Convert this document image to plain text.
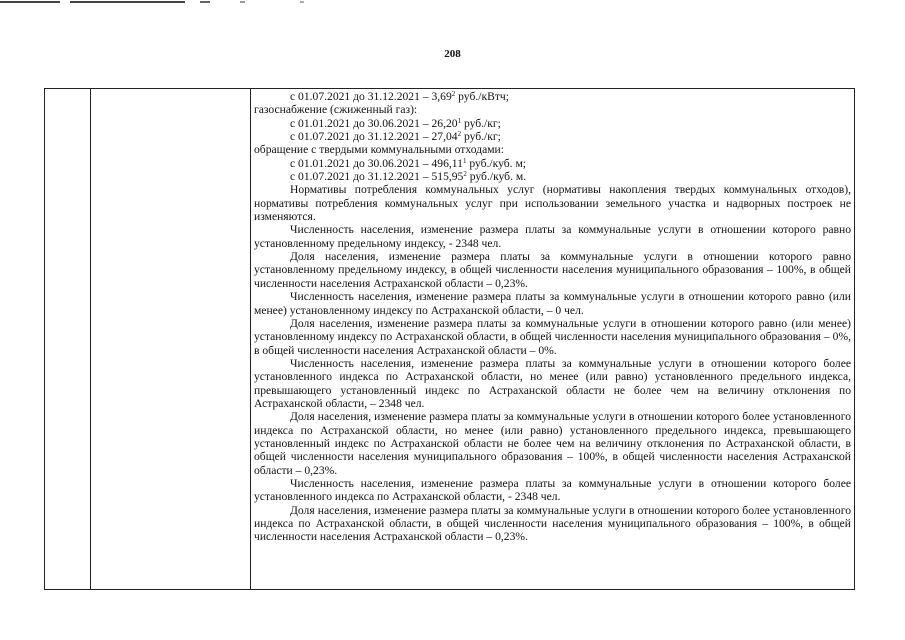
208

с 01.07.2021 до 31.12.2021 – 3,69$^2$ руб./кВтч;

газоснабжение (сжиженный газ):

с 01.01.2021 до 30.06.2021 – 26,20$^1$ руб./кг;

с 01.07.2021 до 31.12.2021 – 27,04$^2$ руб./кг;

обращение с твердыми коммунальными отходами:

с 01.01.2021 до 30.06.2021 – 496,11$^1$ руб./куб. м;

с 01.07.2021 до 31.12.2021 – 515,95$^2$ руб./куб. м.

Нормативы потребления коммунальных услуг (нормативы накопления твердых коммунальных отходов), нормативы потребления коммунальных услуг при использовании земельного участка и надворных построек не изменяются.

Численность населения, изменение размера платы за коммунальные услуги в отношении которого равно установленному предельному индексу, - 2348 чел.

Доля населения, изменение размера платы за коммунальные услуги в отношении которого равно установленному предельному индексу, в общей численности населения муниципального образования – 100%, в общей численности населения Астраханской области – 0,23%.

Численность населения, изменение размера платы за коммунальные услуги в отношении которого равно (или менее) установленному индексу по Астраханской области, – 0 чел.

Доля населения, изменение размера платы за коммунальные услуги в отношении которого равно (или менее) установленному индексу по Астраханской области, в общей численности населения муниципального образования – 0%, в общей численности населения Астраханской области – 0%.

Численность населения, изменение размера платы за коммунальные услуги в отношении которого более установленного индекса по Астраханской области, но менее (или равно) установленного предельного индекса, превышающего установленный индекс по Астраханской области не более чем на величину отклонения по Астраханской области, – 2348 чел.

Доля населения, изменение размера платы за коммунальные услуги в отношении которого более установленного индекса по Астраханской области, но менее (или равно) установленного предельного индекса, превышающего установленный индекс по Астраханской области не более чем на величину отклонения по Астраханской области, в общей численности населения муниципального образования – 100%, в общей численности населения Астраханской области – 0,23%.

Численность населения, изменение размера платы за коммунальные услуги в отношении которого более установленного индекса по Астраханской области, - 2348 чел.

Доля населения, изменение размера платы за коммунальные услуги в отношении которого более установленного индекса по Астраханской области, в общей численности населения муниципального образования – 100%, в общей численности населения Астраханской области – 0,23%.
